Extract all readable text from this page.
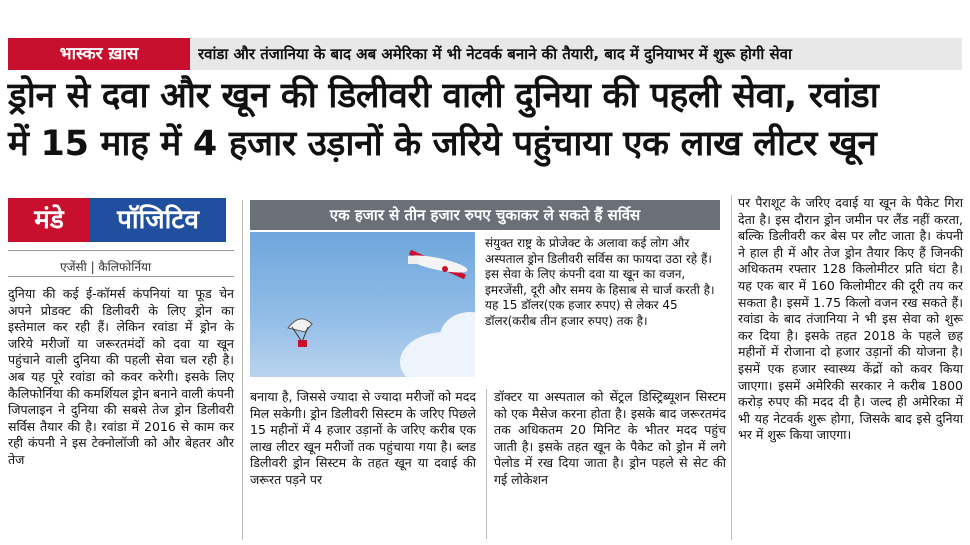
भास्कर ख़ास	रवांडा और तंजानिया के बाद अब अमेरिका में भी नेटवर्क बनाने की तैयारी, बाद में दुनियाभर में शुरू होगी सेवा
ड्रोन से दवा और खून की डिलीवरी वाली दुनिया की पहली सेवा, रवांडा
में 15 माह में 4 हजार उड़ानों के जरिये पहुंचाया एक लाख लीटर खून
मंडे	पॉजिटिव
एजेंसी | कैलिफोर्निया
दुनिया की कई ई-कॉमर्स कंपनियां या फूड चेन अपने प्रोडक्ट की डिलीवरी के लिए ड्रोन का इस्तेमाल कर रही हैं। लेकिन रवांडा में ड्रोन के जरिये मरीजों या जरूरतमंदों को दवा या खून पहुंचाने वाली दुनिया की पहली सेवा चल रही है। अब यह पूरे रवांडा को कवर करेगी। इसके लिए कैलिफोर्निया की कमर्शियल ड्रोन बनाने वाली कंपनी जिपलाइन ने दुनिया की सबसे तेज ड्रोन डिलीवरी सर्विस तैयार की है। रवांडा में 2016 से काम कर रही कंपनी ने इस टेक्नोलॉजी को और बेहतर और तेज
एक हजार से तीन हजार रुपए चुकाकर ले सकते हैं सर्विस
संयुक्त राष्ट्र के प्रोजेक्ट के अलावा कई लोग और अस्पताल ड्रोन डिलीवरी सर्विस का फायदा उठा रहे हैं। इस सेवा के लिए कंपनी दवा या खून का वजन, इमरजेंसी, दूरी और समय के हिसाब से चार्ज करती है। यह 15 डॉलर(एक हजार रुपए) से लेकर 45 डॉलर(करीब तीन हजार रुपए) तक है।
बनाया है, जिससे ज्यादा से ज्यादा मरीजों को मदद मिल सकेगी। ड्रोन डिलीवरी सिस्टम के जरिए पिछले 15 महीनों में 4 हजार उड़ानों के जरिए करीब एक लाख लीटर खून मरीजों तक पहुंचाया गया है। ब्लड डिलीवरी ड्रोन सिस्टम के तहत खून या दवाई की जरूरत पड़ने पर
डॉक्टर या अस्पताल को सेंट्रल डिस्ट्रिब्यूशन सिस्टम को एक मैसेज करना होता है। इसके बाद जरूरतमंद तक अधिकतम 20 मिनिट के भीतर मदद पहुंच जाती है। इसके तहत खून के पैकेट को ड्रोन में लगे पेलोड में रख दिया जाता है। ड्रोन पहले से सेट की गई लोकेशन
पर पैराशूट के जरिए दवाई या खून के पैकेट गिरा देता है। इस दौरान ड्रोन जमीन पर लैंड नहीं करता, बल्कि डिलीवरी कर बेस पर लौट जाता है। कंपनी ने हाल ही में और तेज ड्रोन तैयार किए हैं जिनकी अधिकतम रफ्तार 128 किलोमीटर प्रति घंटा है। यह एक बार में 160 किलोमीटर की दूरी तय कर सकता है। इसमें 1.75 किलो वजन रख सकते हैं। रवांडा के बाद तंजानिया ने भी इस सेवा को शुरू कर दिया है। इसके तहत 2018 के पहले छह महीनों में रोजाना दो हजार उड़ानों की योजना है। इसमें एक हजार स्वास्थ्य केंद्रों को कवर किया जाएगा। इसमें अमेरिकी सरकार ने करीब 1800 करोड़ रुपए की मदद दी है। जल्द ही अमेरिका में भी यह नेटवर्क शुरू होगा, जिसके बाद इसे दुनिया भर में शुरू किया जाएगा।
